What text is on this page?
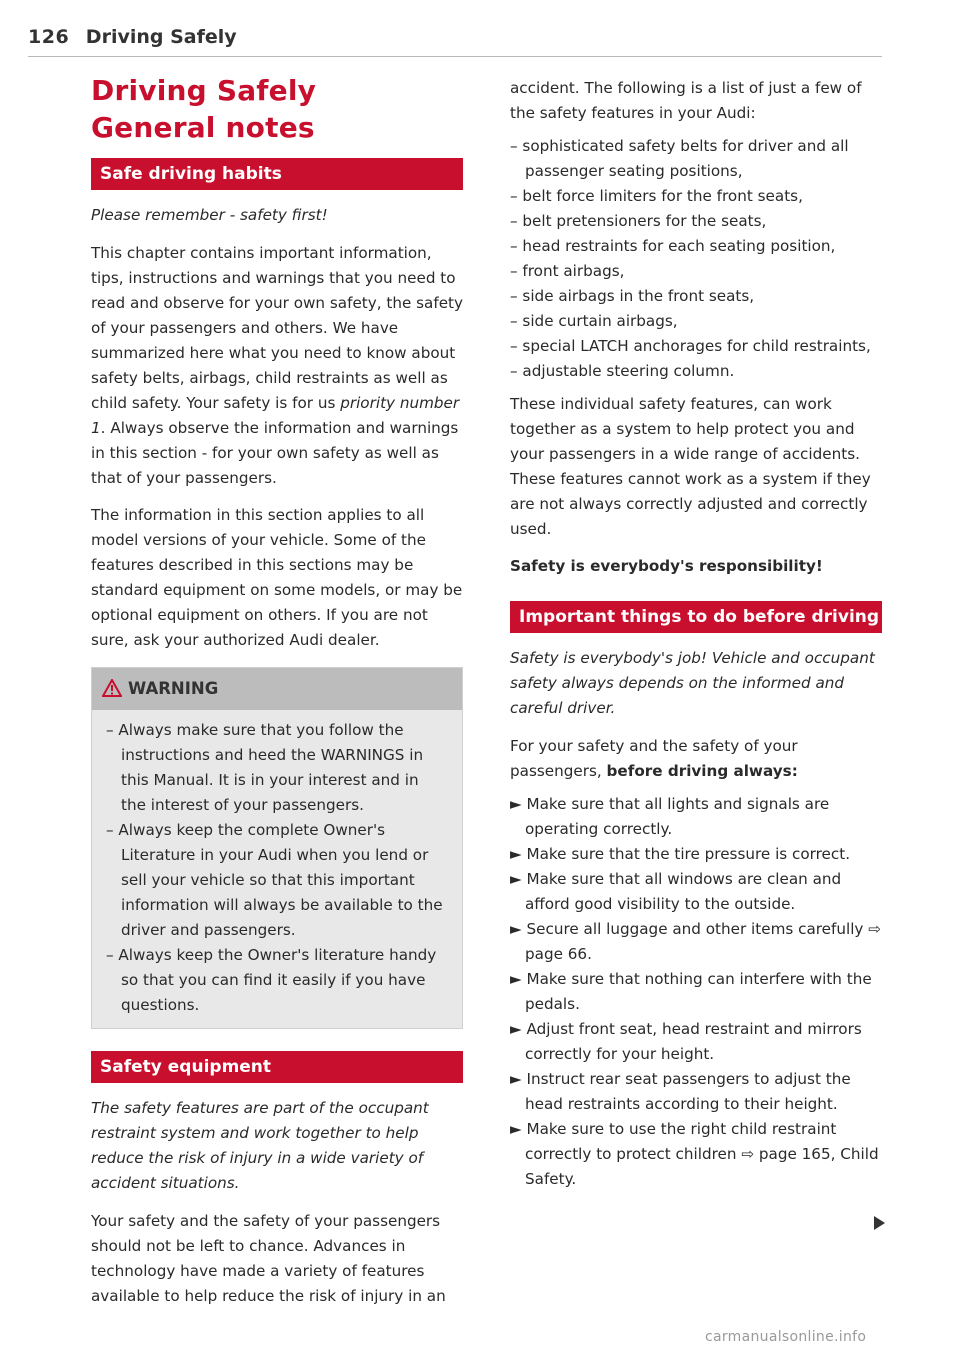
126 Driving Safely
Driving Safely
General notes
Safe driving habits

Please remember - safety first!

This chapter contains important information, tips, instructions and warnings that you need to read and observe for your own safety, the safety of your passengers and others. We have summarized here what you need to know about safety belts, airbags, child restraints as well as child safety. Your safety is for us priority number 1. Always observe the information and warnings in this section - for your own safety as well as that of your passengers.

The information in this section applies to all model versions of your vehicle. Some of the features described in this sections may be standard equipment on some models, or may be optional equipment on others. If you are not sure, ask your authorized Audi dealer.

WARNING
– Always make sure that you follow the instructions and heed the WARNINGS in this Manual. It is in your interest and in the interest of your passengers.
– Always keep the complete Owner's Literature in your Audi when you lend or sell your vehicle so that this important information will always be available to the driver and passengers.
– Always keep the Owner's literature handy so that you can find it easily if you have questions.
Safety equipment

The safety features are part of the occupant restraint system and work together to help reduce the risk of injury in a wide variety of accident situations.

Your safety and the safety of your passengers should not be left to chance. Advances in technology have made a variety of features available to help reduce the risk of injury in an

accident. The following is a list of just a few of the safety features in your Audi:

– sophisticated safety belts for driver and all passenger seating positions,
– belt force limiters for the front seats,
– belt pretensioners for the seats,
– head restraints for each seating position,
– front airbags,
– side airbags in the front seats,
– side curtain airbags,
– special LATCH anchorages for child restraints,
– adjustable steering column.

These individual safety features, can work together as a system to help protect you and your passengers in a wide range of accidents. These features cannot work as a system if they are not always correctly adjusted and correctly used.

Safety is everybody's responsibility!

Important things to do before driving

Safety is everybody's job! Vehicle and occupant safety always depends on the informed and careful driver.

For your safety and the safety of your passengers, before driving always:

► Make sure that all lights and signals are operating correctly.
► Make sure that the tire pressure is correct.
► Make sure that all windows are clean and afford good visibility to the outside.
► Secure all luggage and other items carefully ⇨ page 66.
► Make sure that nothing can interfere with the pedals.
► Adjust front seat, head restraint and mirrors correctly for your height.
► Instruct rear seat passengers to adjust the head restraints according to their height.
► Make sure to use the right child restraint correctly to protect children ⇨ page 165, Child Safety.
carmanualsonline.info
